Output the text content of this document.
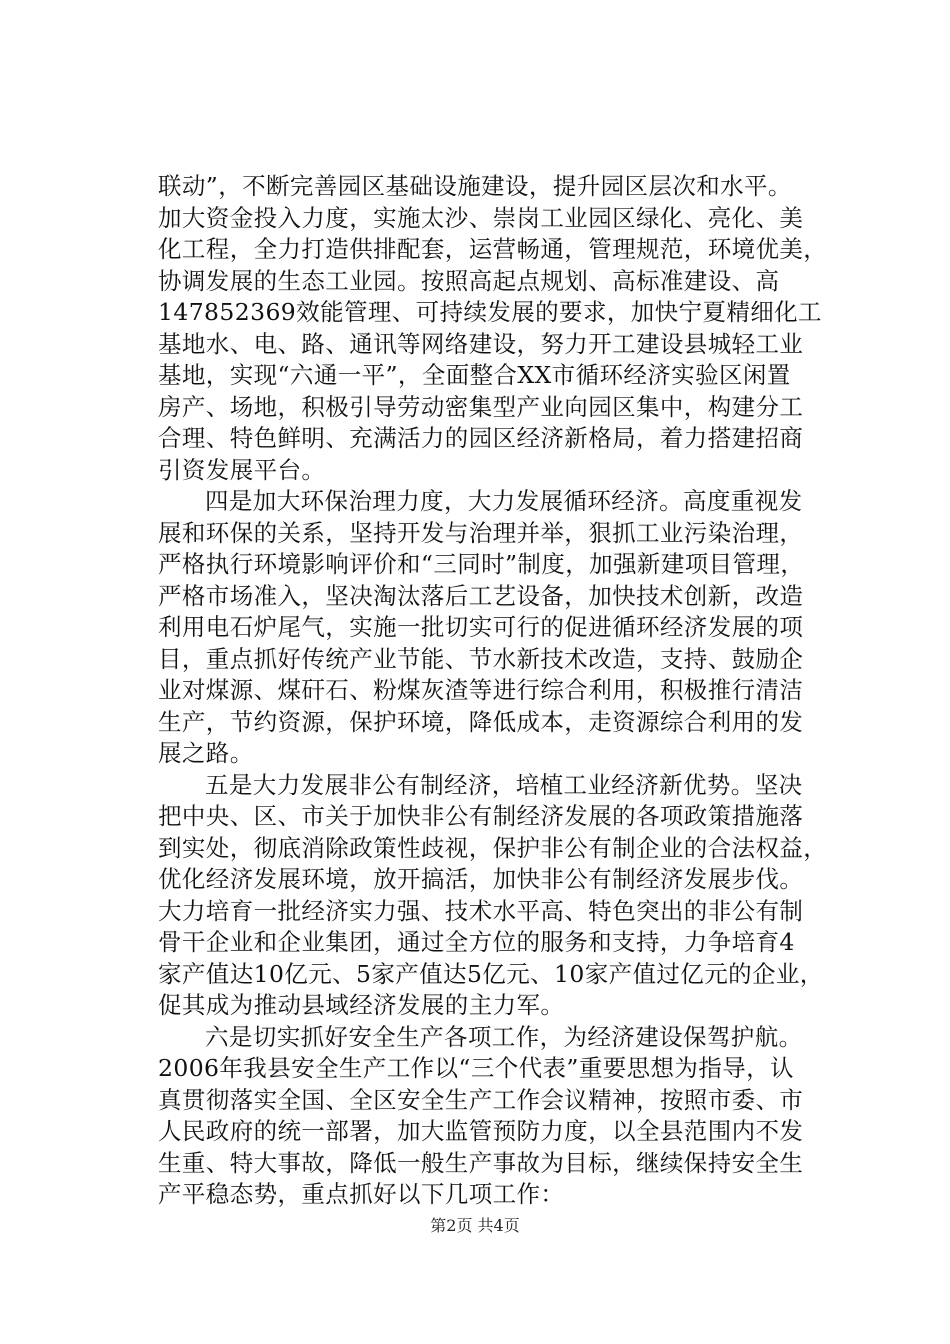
联动”，不断完善园区基础设施建设，提升园区层次和水平。
加大资金投入力度，实施太沙、崇岗工业园区绿化、亮化、美
化工程，全力打造供排配套，运营畅通，管理规范，环境优美，
协调发展的生态工业园。按照高起点规划、高标准建设、高
147852369效能管理、可持续发展的要求，加快宁夏精细化工
基地水、电、路、通讯等网络建设，努力开工建设县城轻工业
基地，实现“六通一平”，全面整合XX市循环经济实验区闲置
房产、场地，积极引导劳动密集型产业向园区集中，构建分工
合理、特色鲜明、充满活力的园区经济新格局，着力搭建招商
引资发展平台。
四是加大环保治理力度，大力发展循环经济。高度重视发
展和环保的关系，坚持开发与治理并举，狠抓工业污染治理，
严格执行环境影响评价和“三同时”制度，加强新建项目管理，
严格市场准入，坚决淘汰落后工艺设备，加快技术创新，改造
利用电石炉尾气，实施一批切实可行的促进循环经济发展的项
目，重点抓好传统产业节能、节水新技术改造，支持、鼓励企
业对煤源、煤矸石、粉煤灰渣等进行综合利用，积极推行清洁
生产，节约资源，保护环境，降低成本，走资源综合利用的发
展之路。
五是大力发展非公有制经济，培植工业经济新优势。坚决
把中央、区、市关于加快非公有制经济发展的各项政策措施落
到实处，彻底消除政策性歧视，保护非公有制企业的合法权益，
优化经济发展环境，放开搞活，加快非公有制经济发展步伐。
大力培育一批经济实力强、技术水平高、特色突出的非公有制
骨干企业和企业集团，通过全方位的服务和支持，力争培育4
家产值达10亿元、5家产值达5亿元、10家产值过亿元的企业，
促其成为推动县域经济发展的主力军。
六是切实抓好安全生产各项工作，为经济建设保驾护航。
2006年我县安全生产工作以“三个代表”重要思想为指导，认
真贯彻落实全国、全区安全生产工作会议精神，按照市委、市
人民政府的统一部署，加大监管预防力度，以全县范围内不发
生重、特大事故，降低一般生产事故为目标，继续保持安全生
产平稳态势，重点抓好以下几项工作：
第2页 共4页
